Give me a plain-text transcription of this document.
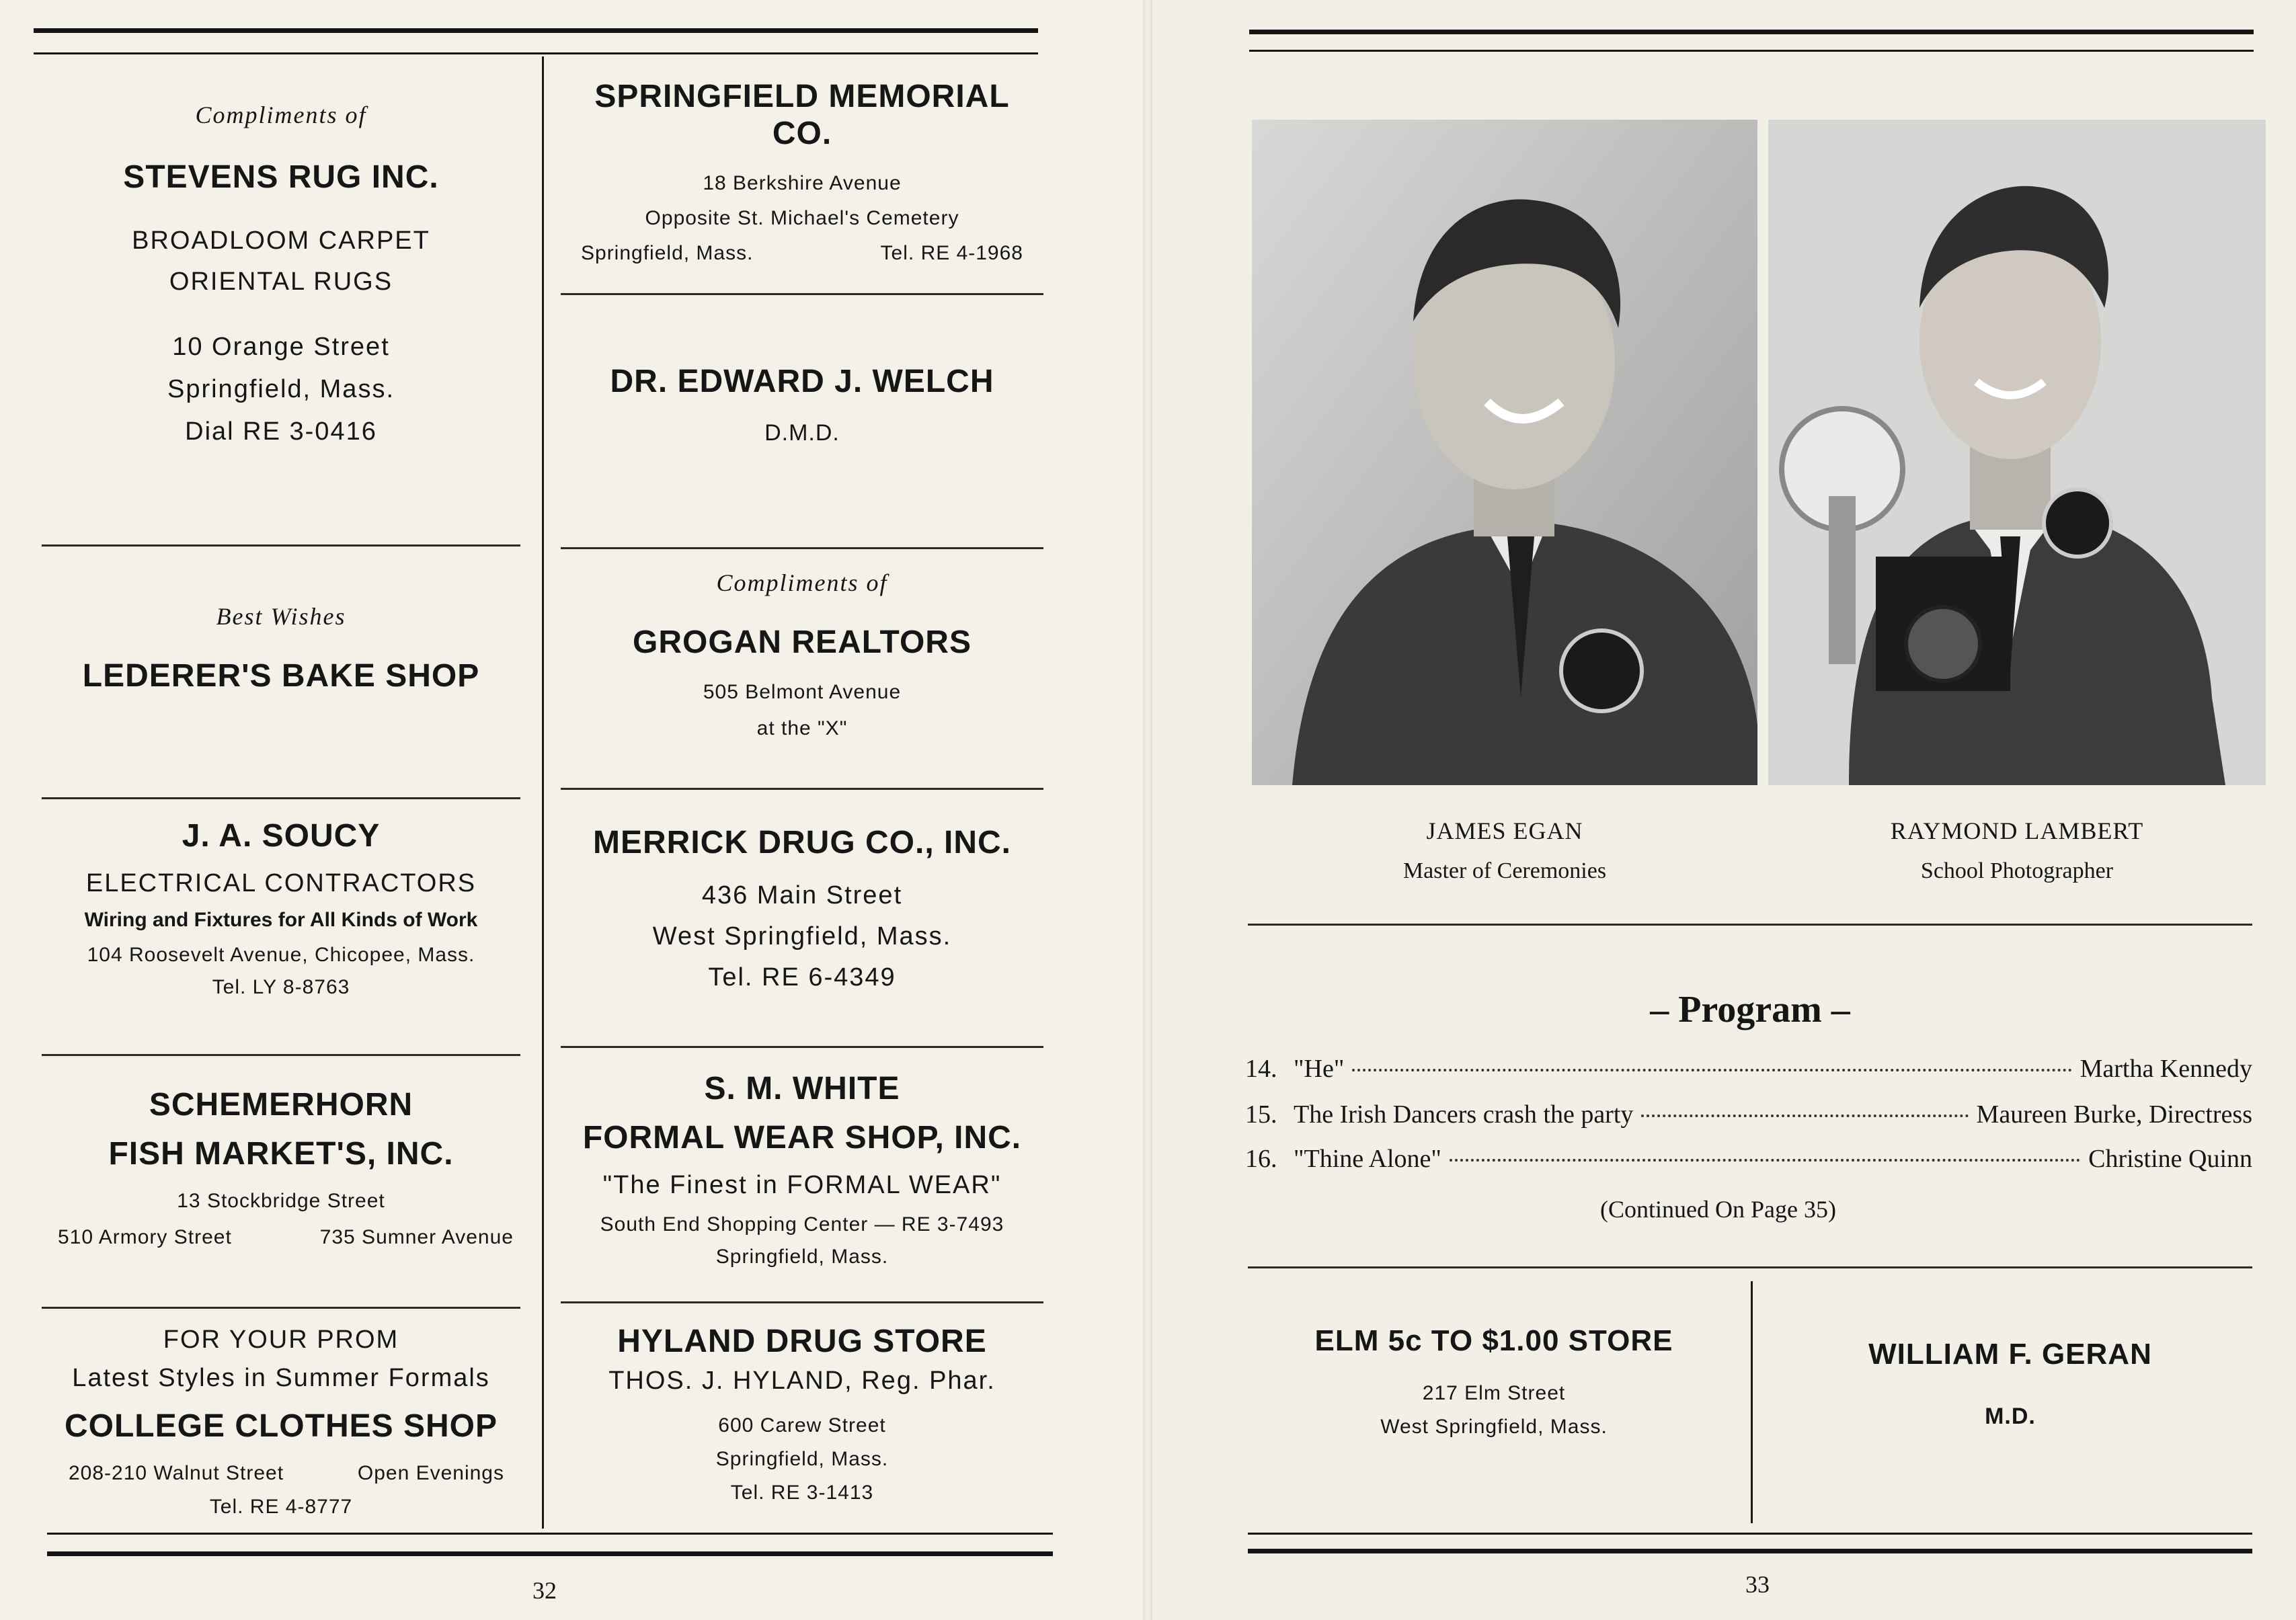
Compliments of
STEVENS RUG INC.
BROADLOOM CARPET
ORIENTAL RUGS
10 Orange Street
Springfield, Mass.
Dial RE 3-0416
SPRINGFIELD MEMORIAL CO.
18 Berkshire Avenue
Opposite St. Michael's Cemetery
Springfield, Mass.	Tel. RE 4-1968
DR. EDWARD J. WELCH
D.M.D.
Best Wishes
LEDERER'S BAKE SHOP
Compliments of
GROGAN REALTORS
505 Belmont Avenue
at the "X"
J. A. SOUCY
ELECTRICAL CONTRACTORS
Wiring and Fixtures for All Kinds of Work
104 Roosevelt Avenue, Chicopee, Mass.
Tel. LY 8-8763
MERRICK DRUG CO., INC.
436 Main Street
West Springfield, Mass.
Tel. RE 6-4349
SCHEMERHORN
FISH MARKET'S, INC.
13 Stockbridge Street
510 Armory Street	735 Sumner Avenue
S. M. WHITE
FORMAL WEAR SHOP, INC.
"The Finest in FORMAL WEAR"
South End Shopping Center — RE 3-7493
Springfield, Mass.
FOR YOUR PROM
Latest Styles in Summer Formals
COLLEGE CLOTHES SHOP
208-210 Walnut Street	Open Evenings
Tel. RE 4-8777
HYLAND DRUG STORE
THOS. J. HYLAND, Reg. Phar.
600 Carew Street
Springfield, Mass.
Tel. RE 3-1413
32
JAMES EGAN
Master of Ceremonies
RAYMOND LAMBERT
School Photographer
– Program –
14. "He"	Martha Kennedy
15. The Irish Dancers crash the party	Maureen Burke, Directress
16. "Thine Alone"	Christine Quinn
(Continued On Page 35)
ELM 5c TO $1.00 STORE
217 Elm Street
West Springfield, Mass.
WILLIAM F. GERAN
M.D.
33
